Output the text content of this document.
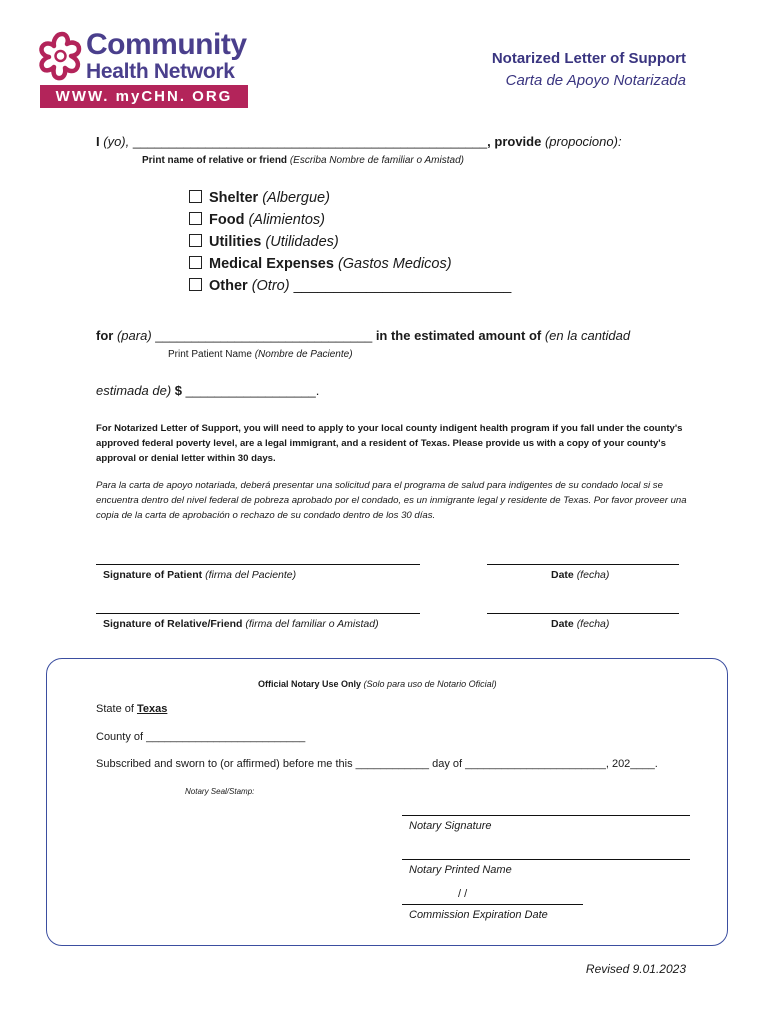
Community
Health Network
WWW. myCHN. ORG
Notarized Letter of Support
Carta de Apoyo Notarizada
I (yo), _________________________________________________, provide (propociono):
Print name of relative or friend (Escriba Nombre de familiar o Amistad)
Shelter (Albergue)
Food (Alimientos)
Utilities (Utilidades)
Medical Expenses (Gastos Medicos)
Other (Otro) ___________________________
for (para) ______________________________ in the estimated amount of (en la cantidad
Print Patient Name (Nombre de Paciente)
estimada de) $ __________________.
For Notarized Letter of Support, you will need to apply to your local county indigent health program if you fall under the county's approved federal poverty level, are a legal immigrant, and a resident of Texas. Please provide us with a copy of your county's approval or denial letter within 30 days.
Para la carta de apoyo notariada, deberá presentar una solicitud para el programa de salud para indigentes de su condado local si se encuentra dentro del nivel federal de pobreza aprobado por el condado, es un inmigrante legal y residente de Texas. Por favor proveer una copia de la carta de aprobación o rechazo de su condado dentro de los 30 días.
Signature of Patient (firma del Paciente)	Date (fecha)
Signature of Relative/Friend (firma del familiar o Amistad)	Date (fecha)
Official Notary Use Only (Solo para uso de Notario Oficial)
State of Texas
County of __________________________
Subscribed and sworn to (or affirmed) before me this ____________ day of _______________________, 202____.
Notary Seal/Stamp:
Notary Signature
Notary Printed Name
/ /
Commission Expiration Date
Revised 9.01.2023
